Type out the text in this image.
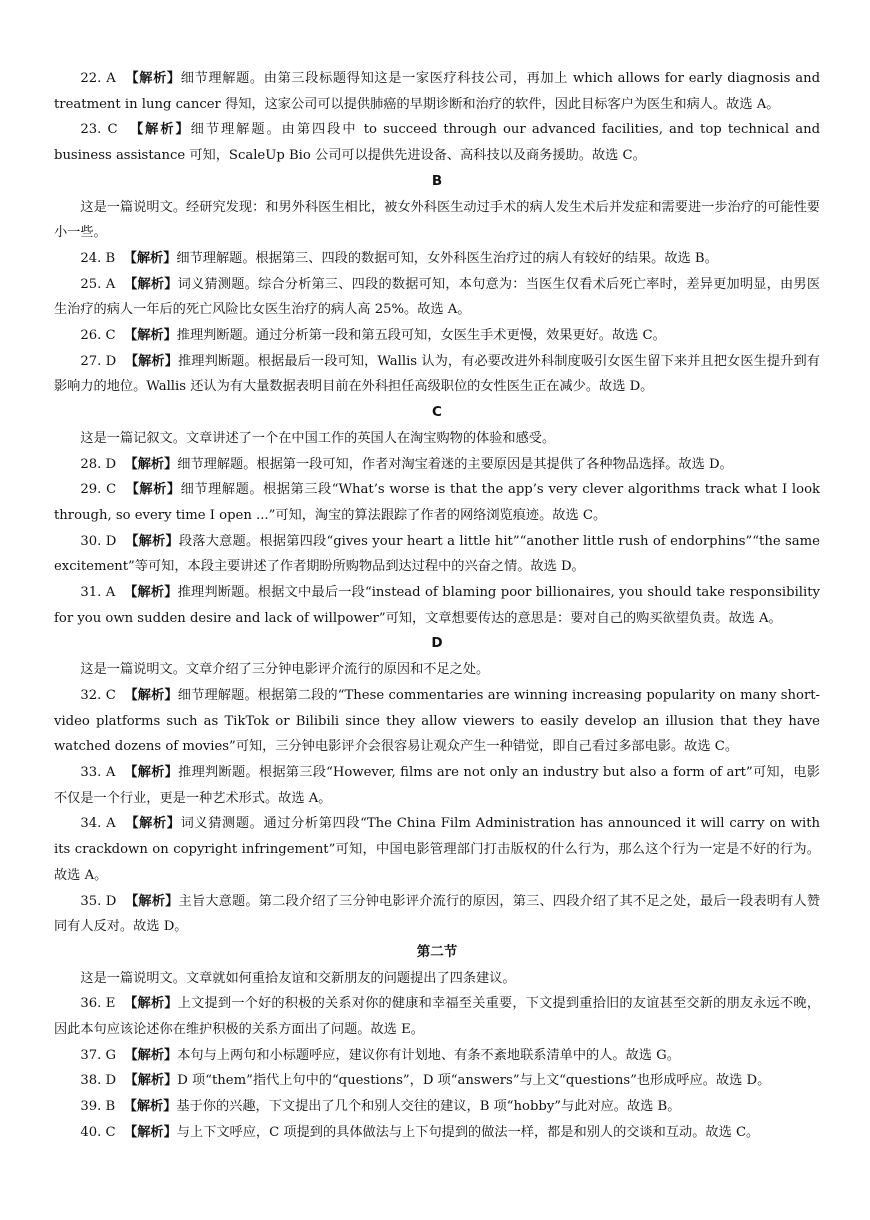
22. A 【解析】细节理解题。由第三段标题得知这是一家医疗科技公司，再加上 which allows for early diagnosis and treatment in lung cancer 得知，这家公司可以提供肺癌的早期诊断和治疗的软件，因此目标客户为医生和病人。故选 A。

23. C 【解析】细节理解题。由第四段中 to succeed through our advanced facilities, and top technical and business assistance 可知，ScaleUp Bio 公司可以提供先进设备、高科技以及商务援助。故选 C。

B

这是一篇说明文。经研究发现：和男外科医生相比，被女外科医生动过手术的病人发生术后并发症和需要进一步治疗的可能性要小一些。

24. B 【解析】细节理解题。根据第三、四段的数据可知，女外科医生治疗过的病人有较好的结果。故选 B。

25. A 【解析】词义猜测题。综合分析第三、四段的数据可知，本句意为：当医生仅看术后死亡率时，差异更加明显，由男医生治疗的病人一年后的死亡风险比女医生治疗的病人高 25%。故选 A。

26. C 【解析】推理判断题。通过分析第一段和第五段可知，女医生手术更慢，效果更好。故选 C。

27. D 【解析】推理判断题。根据最后一段可知，Wallis 认为，有必要改进外科制度吸引女医生留下来并且把女医生提升到有影响力的地位。Wallis 还认为有大量数据表明目前在外科担任高级职位的女性医生正在减少。故选 D。

C

这是一篇记叙文。文章讲述了一个在中国工作的英国人在淘宝购物的体验和感受。

28. D 【解析】细节理解题。根据第一段可知，作者对淘宝着迷的主要原因是其提供了各种物品选择。故选 D。

29. C 【解析】细节理解题。根据第三段“What’s worse is that the app’s very clever algorithms track what I look through, so every time I open ...”可知，淘宝的算法跟踪了作者的网络浏览痕迹。故选 C。

30. D 【解析】段落大意题。根据第四段“gives your heart a little hit”“another little rush of endorphins”“the same excitement”等可知，本段主要讲述了作者期盼所购物品到达过程中的兴奋之情。故选 D。

31. A 【解析】推理判断题。根据文中最后一段“instead of blaming poor billionaires, you should take responsibility for you own sudden desire and lack of willpower”可知，文章想要传达的意思是：要对自己的购买欲望负责。故选 A。

D

这是一篇说明文。文章介绍了三分钟电影评介流行的原因和不足之处。

32. C 【解析】细节理解题。根据第二段的“These commentaries are winning increasing popularity on many short-video platforms such as TikTok or Bilibili since they allow viewers to easily develop an illusion that they have watched dozens of movies”可知，三分钟电影评介会很容易让观众产生一种错觉，即自己看过多部电影。故选 C。

33. A 【解析】推理判断题。根据第三段“However, films are not only an industry but also a form of art”可知，电影不仅是一个行业，更是一种艺术形式。故选 A。

34. A 【解析】词义猜测题。通过分析第四段“The China Film Administration has announced it will carry on with its crackdown on copyright infringement”可知，中国电影管理部门打击版权的什么行为，那么这个行为一定是不好的行为。故选 A。

35. D 【解析】主旨大意题。第二段介绍了三分钟电影评介流行的原因，第三、四段介绍了其不足之处，最后一段表明有人赞同有人反对。故选 D。

第二节

这是一篇说明文。文章就如何重拾友谊和交新朋友的问题提出了四条建议。

36. E 【解析】上文提到一个好的积极的关系对你的健康和幸福至关重要，下文提到重拾旧的友谊甚至交新的朋友永远不晚，因此本句应该论述你在维护积极的关系方面出了问题。故选 E。

37. G 【解析】本句与上两句和小标题呼应，建议你有计划地、有条不紊地联系清单中的人。故选 G。

38. D 【解析】D 项“them”指代上句中的“questions”，D 项“answers”与上文“questions”也形成呼应。故选 D。

39. B 【解析】基于你的兴趣，下文提出了几个和别人交往的建议，B 项“hobby”与此对应。故选 B。

40. C 【解析】与上下文呼应，C 项提到的具体做法与上下句提到的做法一样，都是和别人的交谈和互动。故选 C。
